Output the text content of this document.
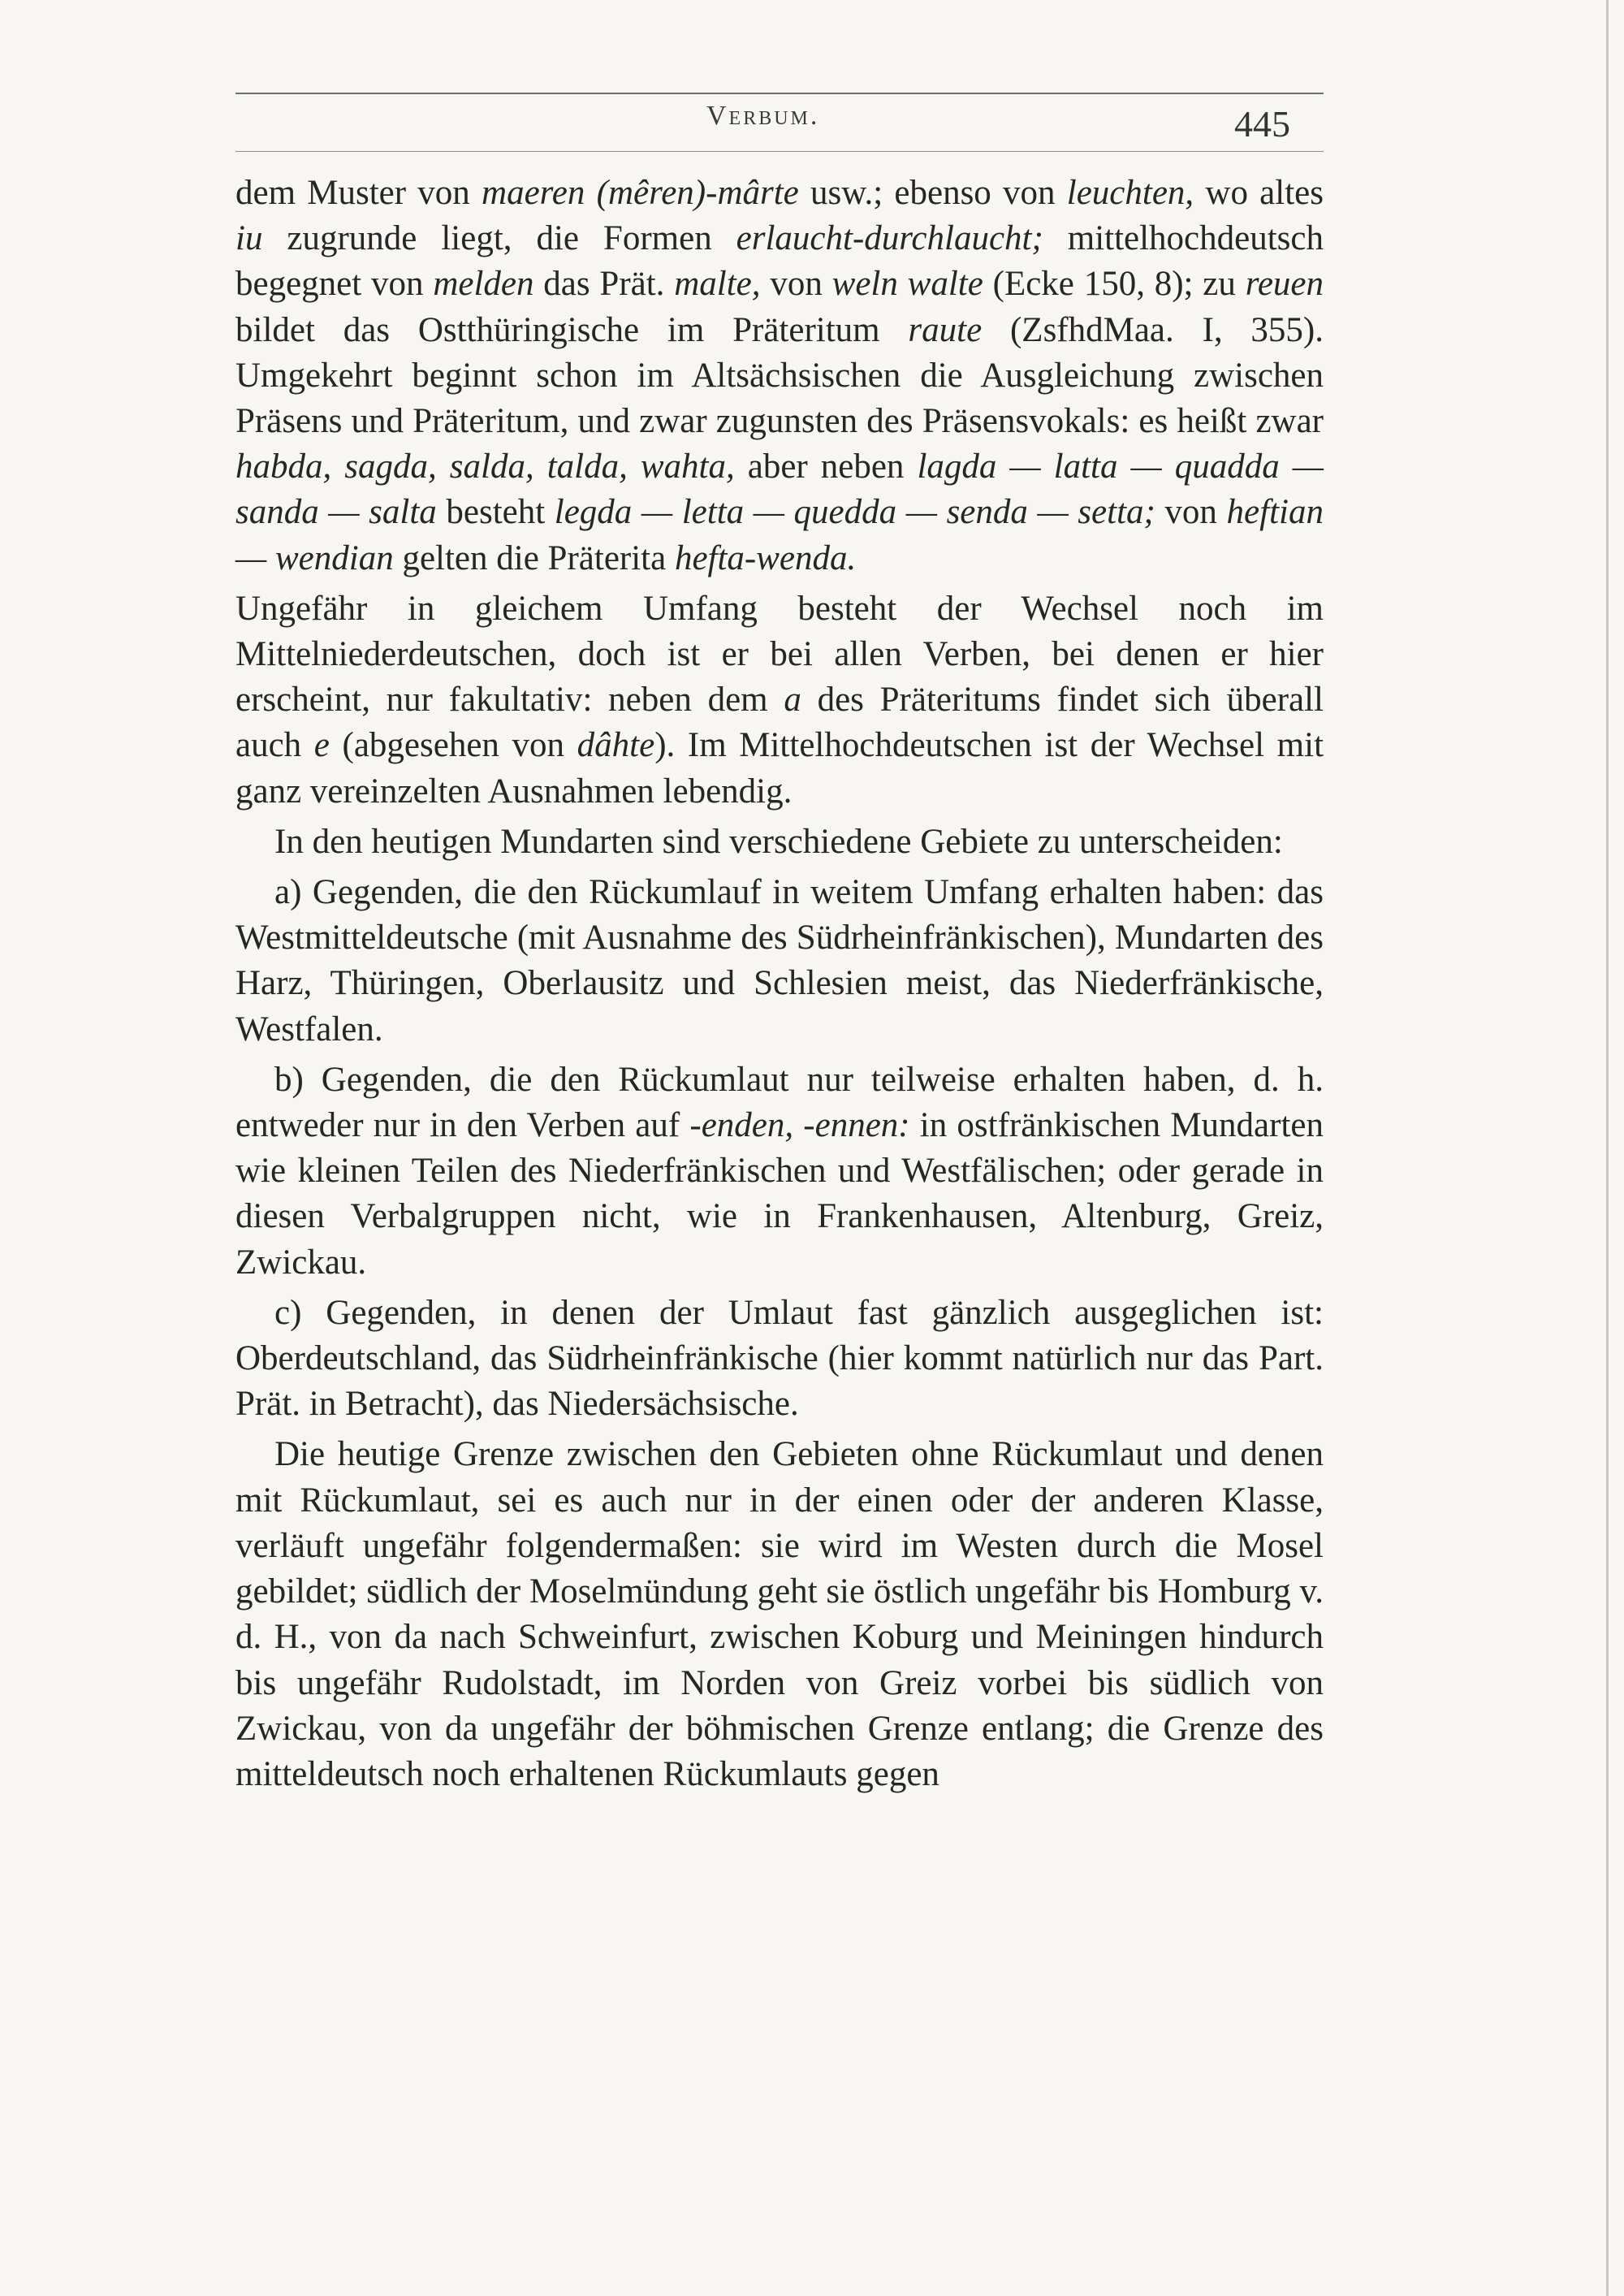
Verbum.	445

dem Muster von maeren (mêren)-mârte usw.; ebenso von leuchten, wo altes iu zugrunde liegt, die Formen erlaucht-durchlaucht; mittelhochdeutsch begegnet von melden das Prät. malte, von weln walte (Ecke 150, 8); zu reuen bildet das Ostthüringische im Präteritum raute (ZsfhdMaa. I, 355). Umgekehrt beginnt schon im Altsächsischen die Ausgleichung zwischen Präsens und Präteritum, und zwar zugunsten des Präsensvokals: es heißt zwar habda, sagda, salda, talda, wahta, aber neben lagda — latta — quadda — sanda — salta besteht legda — letta — quedda — senda — setta; von heftian — wendian gelten die Präterita hefta-wenda.

Ungefähr in gleichem Umfang besteht der Wechsel noch im Mittelniederdeutschen, doch ist er bei allen Verben, bei denen er hier erscheint, nur fakultativ: neben dem a des Präteritums findet sich überall auch e (abgesehen von dâhte). Im Mittelhochdeutschen ist der Wechsel mit ganz vereinzelten Ausnahmen lebendig.

In den heutigen Mundarten sind verschiedene Gebiete zu unterscheiden:

a) Gegenden, die den Rückumlauf in weitem Umfang erhalten haben: das Westmitteldeutsche (mit Ausnahme des Südrheinfränkischen), Mundarten des Harz, Thüringen, Oberlausitz und Schlesien meist, das Niederfränkische, Westfalen.

b) Gegenden, die den Rückumlaut nur teilweise erhalten haben, d. h. entweder nur in den Verben auf -enden, -ennen: in ostfränkischen Mundarten wie kleinen Teilen des Niederfränkischen und Westfälischen; oder gerade in diesen Verbalgruppen nicht, wie in Frankenhausen, Altenburg, Greiz, Zwickau.

c) Gegenden, in denen der Umlaut fast gänzlich ausgeglichen ist: Oberdeutschland, das Südrheinfränkische (hier kommt natürlich nur das Part. Prät. in Betracht), das Niedersächsische.

Die heutige Grenze zwischen den Gebieten ohne Rückumlaut und denen mit Rückumlaut, sei es auch nur in der einen oder der anderen Klasse, verläuft ungefähr folgendermaßen: sie wird im Westen durch die Mosel gebildet; südlich der Moselmündung geht sie östlich ungefähr bis Homburg v. d. H., von da nach Schweinfurt, zwischen Koburg und Meiningen hindurch bis ungefähr Rudolstadt, im Norden von Greiz vorbei bis südlich von Zwickau, von da ungefähr der böhmischen Grenze entlang; die Grenze des mitteldeutsch noch erhaltenen Rückumlauts gegen
